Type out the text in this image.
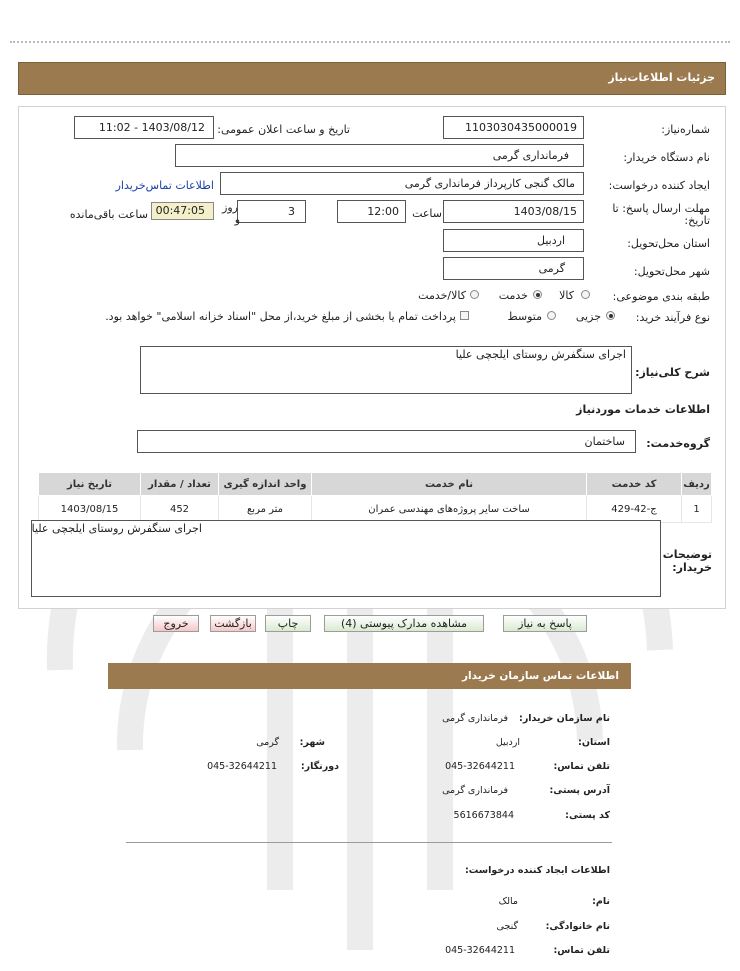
جزئیات اطلاعات‌نیاز
شماره‌نیاز:
1103030435000019
تاریخ و ساعت اعلان عمومی:
1403/08/12 - 11:02
نام دستگاه خریدار:
فرمانداری گرمی
ایجاد کننده درخواست:
مالک گنجی کارپرداز فرمانداری گرمی
اطلاعات تماس‌خریدار
مهلت ارسال پاسخ: تا
تاریخ:
1403/08/15
ساعت
12:00
3
روز
و
00:47:05
ساعت باقی‌مانده
استان محل‌تحویل:
اردبیل
شهر محل‌تحویل:
گرمی
طبقه بندی موضوعی:
کالا
خدمت
کالا/خدمت
نوع فرآیند خرید:
جزیی
متوسط
پرداخت تمام یا بخشی از مبلغ خرید،از محل "اسناد خزانه اسلامی" خواهد بود.
شرح کلی‌نیاز:
اجرای سنگفرش روستای ایلجچی علیا
اطلاعات خدمات موردنیاز
گروه‌خدمت:
ساختمان
ردیف	کد خدمت	نام خدمت	واحد اندازه گیری	تعداد / مقدار	تاریخ نیاز
1	ج-42-429	ساخت سایر پروژه‌های مهندسی عمران	متر مربع	452	1403/08/15
توضیحات
خریدار:
اجرای سنگفرش روستای ایلجچی علیا
پاسخ به نیاز
مشاهده مدارک پیوستی (4)
چاپ
بازگشت
خروج
اطلاعات تماس سازمان خریدار
نام سازمان خریدار:
فرمانداری گرمی
استان:
اردبیل
شهر:
گرمی
تلفن تماس:
045-32644211
دورنگار:
045-32644211
آدرس پستی:
فرمانداری گرمی
کد پستی:
5616673844
اطلاعات ایجاد کننده درخواست:
نام:
مالک
نام خانوادگی:
گنجی
تلفن تماس:
045-32644211
